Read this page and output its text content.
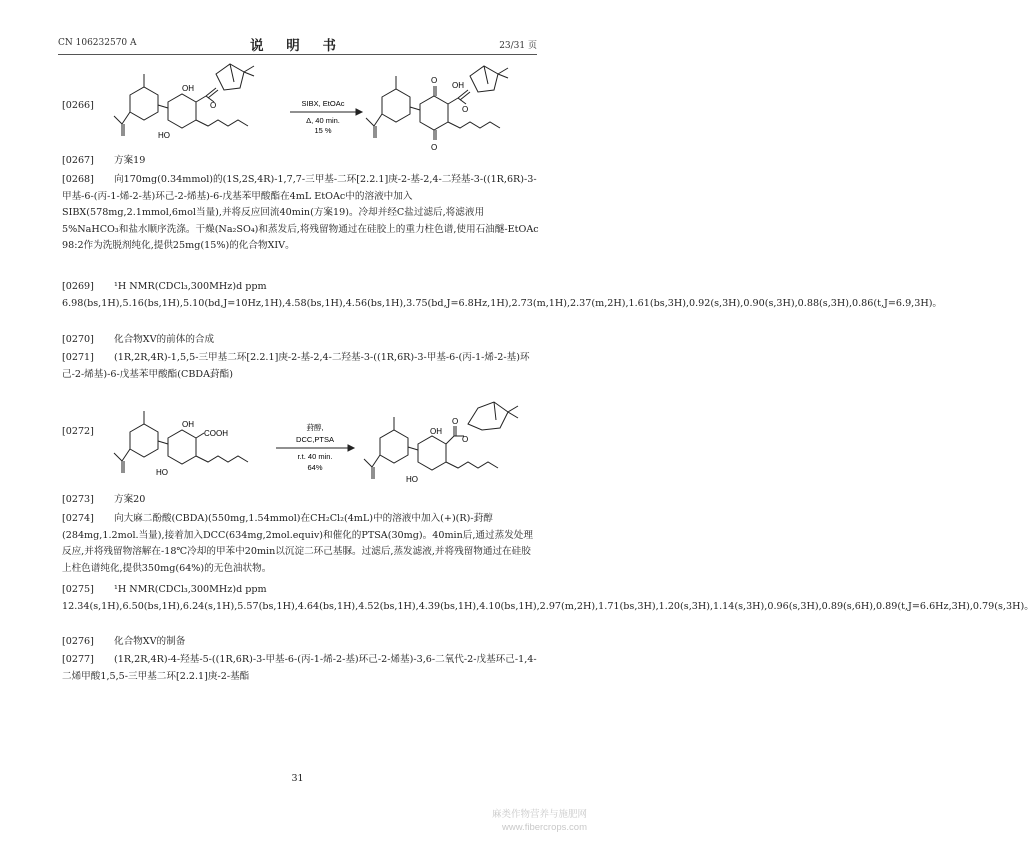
CN 106232570 A	说 明 书	23/31 页
[0266]
OH
HO
O
O
O
OH
O
SIBX, EtOAc
Δ, 40 min.
15 %
[0267] 方案19
[0268] 向170mg(0.34mmol)的(1S,2S,4R)-1,7,7-三甲基-二环[2.2.1]庚-2-基-2,4-二羟基-3-((1R,6R)-3-甲基-6-(丙-1-烯-2-基)环己-2-烯基)-6-戊基苯甲酸酯在4mL EtOAc中的溶液中加入SIBX(578mg,2.1mmol,6mol当量),并将反应回流40min(方案19)。冷却并经C盐过滤后,将滤液用5%NaHCO₃和盐水顺序洗涤。干燥(Na₂SO₄)和蒸发后,将残留物通过在硅胶上的重力柱色谱,使用石油醚-EtOAc 98:2作为洗脱剂纯化,提供25mg(15%)的化合物XIV。
[0269] ¹H NMR(CDCl₃,300MHz)d ppm 6.98(bs,1H),5.16(bs,1H),5.10(bd,J=10Hz,1H),4.58(bs,1H),4.56(bs,1H),3.75(bd,J=6.8Hz,1H),2.73(m,1H),2.37(m,2H),1.61(bs,3H),0.92(s,3H),0.90(s,3H),0.88(s,3H),0.86(t,J=6.9,3H)。
[0270] 化合物XV的前体的合成
[0271] (1R,2R,4R)-1,5,5-三甲基二环[2.2.1]庚-2-基-2,4-二羟基-3-((1R,6R)-3-甲基-6-(丙-1-烯-2-基)环己-2-烯基)-6-戊基苯甲酸酯(CBDA葑酯)
[0272]
OH
HO
COOH	OH
HO
O
O
葑醇,
DCC,PTSA
r.t. 40 min.
64%
[0273] 方案20
[0274] 向大麻二酚酸(CBDA)(550mg,1.54mmol)在CH₂Cl₂(4mL)中的溶液中加入(+)(R)-葑醇(284mg,1.2mol.当量),接着加入DCC(634mg,2mol.equiv)和催化的PTSA(30mg)。40min后,通过蒸发处理反应,并将残留物溶解在-18℃冷却的甲苯中20min以沉淀二环己基脲。过滤后,蒸发滤液,并将残留物通过在硅胶上柱色谱纯化,提供350mg(64%)的无色油状物。
[0275] ¹H NMR(CDCl₃,300MHz)d ppm 12.34(s,1H),6.50(bs,1H),6.24(s,1H),5.57(bs,1H),4.64(bs,1H),4.52(bs,1H),4.39(bs,1H),4.10(bs,1H),2.97(m,2H),1.71(bs,3H),1.20(s,3H),1.14(s,3H),0.96(s,3H),0.89(s,6H),0.89(t,J=6.6Hz,3H),0.79(s,3H)。
[0276] 化合物XV的制备
[0277] (1R,2R,4R)-4-羟基-5-((1R,6R)-3-甲基-6-(丙-1-烯-2-基)环己-2-烯基)-3,6-二氧代-2-戊基环己-1,4-二烯甲酸1,5,5-三甲基二环[2.2.1]庚-2-基酯
31
麻类作物营养与施肥网
www.fibercrops.com
